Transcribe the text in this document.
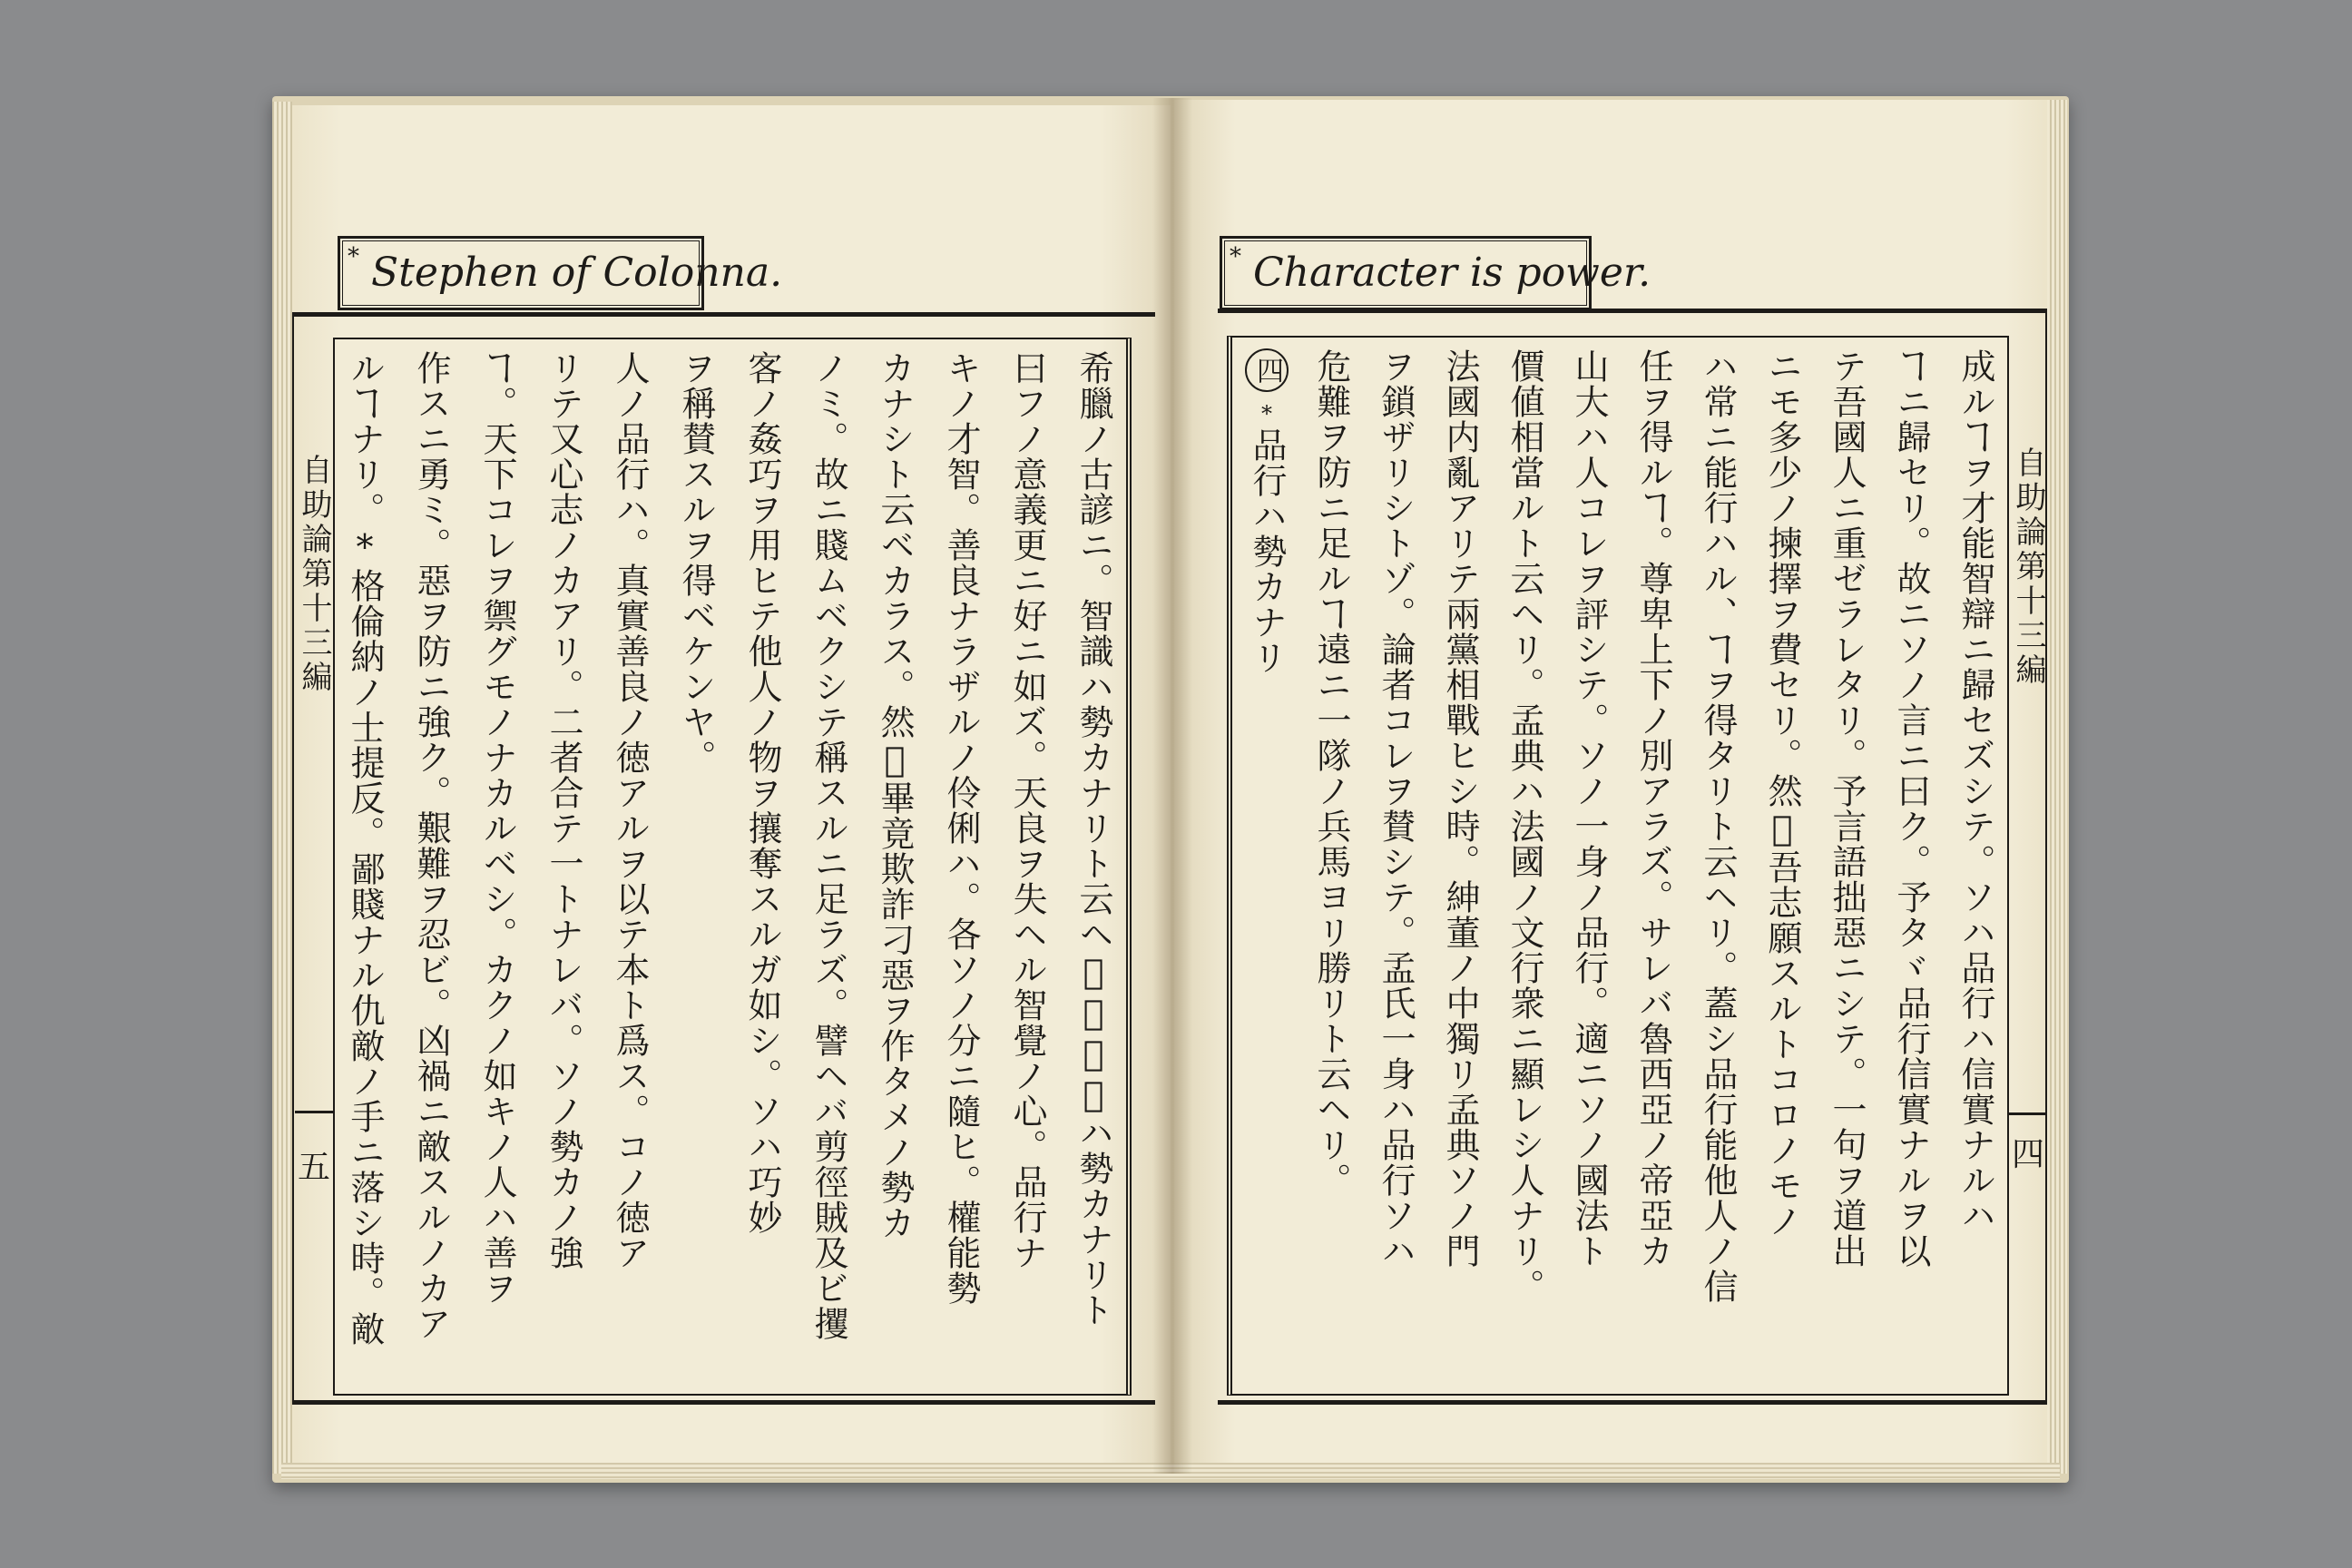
* Stephen of Colonna.
自助論第十三編
五	希臘ノ古諺ニ。智識ハ勢カナリト云ヘ𪜈。品行ハ勢カナリト
曰フノ意義更ニ好ニ如ズ。天良ヲ失ヘル智覺ノ心。品行ナ
キノ才智。善良ナラザルノ伶俐ハ。各ソノ分ニ隨ヒ。權能勢
カナシト云ベカラス。然𪜈畢竟欺詐刁惡ヲ作タメノ勢カ
ノミ。故ニ賤ムベクシテ稱スルニ足ラズ。譬ヘバ剪徑賊及ビ攫
客ノ姦巧ヲ用ヒテ他人ノ物ヲ攘奪スルガ如シ。ソハ巧妙
ヲ稱賛スルヲ得ベケンヤ。
人ノ品行ハ。真實善良ノ徳アルヲ以テ本ト爲ス。コノ徳ア
リテ又心志ノカアリ。二者合テ一トナレバ。ソノ勢カノ強
ヿ。天下コレヲ禦グモノナカルベシ。カクノ如キノ人ハ善ヲ
作スニ勇ミ。惡ヲ防ニ強ク。艱難ヲ忍ビ。凶禍ニ敵スルノカア
ルヿナリ。*格倫納ノ士提反。鄙賤ナル仇敵ノ手ニ落シ時。敵
* Character is power.
自助論第十三編
四
成ルヿヲ才能智辯ニ歸セズシテ。ソハ品行ハ信實ナルハ
ヿニ歸セリ。故ニソノ言ニ曰ク。予タヾ品行信實ナルヲ以
テ吾國人ニ重ゼラレタリ。予言語拙惡ニシテ。一句ヲ道出
ニモ多少ノ揀擇ヲ費セリ。然𪜈吾志願スルトコロノモノ
ハ常ニ能行ハル、ヿヲ得タリト云ヘリ。蓋シ品行能他人ノ信
任ヲ得ルヿ。尊卑上下ノ別アラズ。サレバ魯西亞ノ帝亞カ
山大ハ人コレヲ評シテ。ソノ一身ノ品行。適ニソノ國法ト
價値相當ルト云ヘリ。孟典ハ法國ノ文行衆ニ顯レシ人ナリ。
法國内亂アリテ兩黨相戰ヒシ時。紳董ノ中獨リ孟典ソノ門
ヲ鎖ザリシトゾ。論者コレヲ賛シテ。孟氏一身ハ品行ソハ
危難ヲ防ニ足ルヿ遠ニ一隊ノ兵馬ヨリ勝リト云ヘリ。
四*品行ハ勢カナリ
